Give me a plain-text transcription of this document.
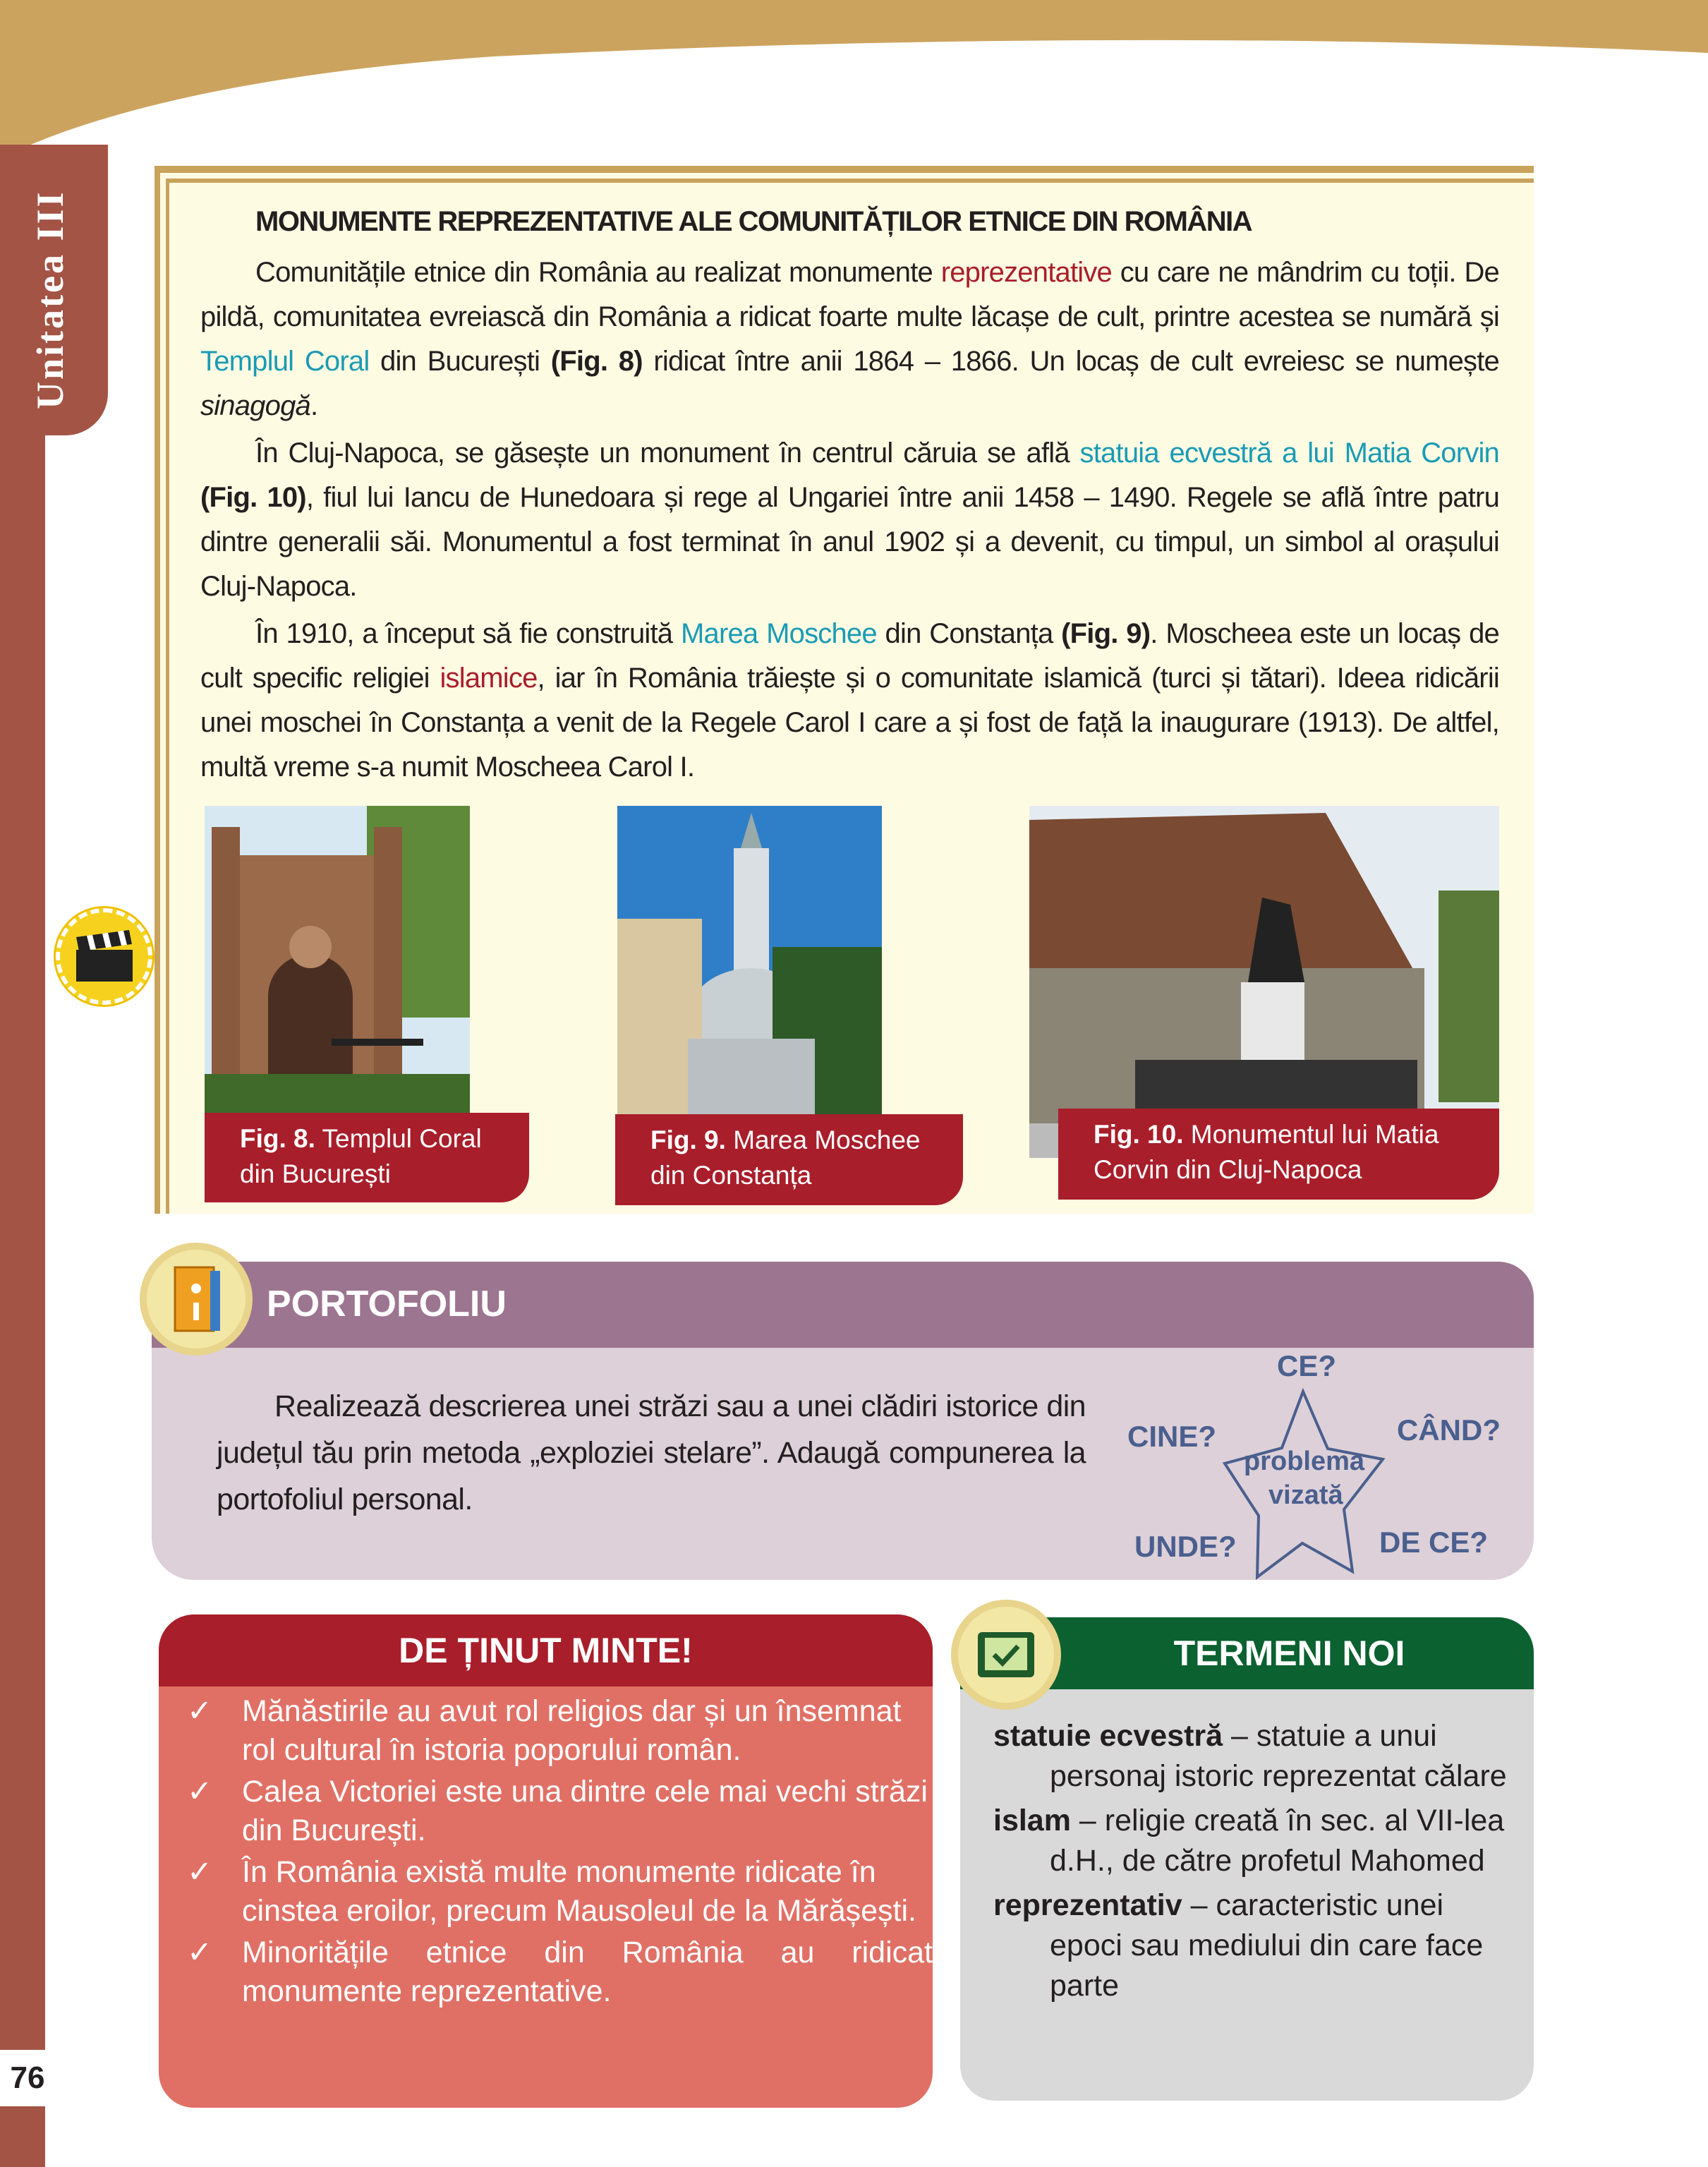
Unitatea III
76
MONUMENTE REPREZENTATIVE ALE COMUNITĂȚILOR ETNICE DIN ROMÂNIA

Comunitățile etnice din România au realizat monumente reprezentative cu care ne mândrim cu toții. De pildă, comunitatea evreiască din România a ridicat foarte multe lăcașe de cult, printre acestea se numără și Templul Coral din București (Fig. 8) ridicat între anii 1864 – 1866. Un locaș de cult evreiesc se numește sinagogă.

În Cluj-Napoca, se găsește un monument în centrul căruia se află statuia ecvestră a lui Matia Corvin (Fig. 10), fiul lui Iancu de Hunedoara și rege al Ungariei între anii 1458 – 1490. Regele se află între patru dintre generalii săi. Monumentul a fost terminat în anul 1902 și a devenit, cu timpul, un simbol al orașului Cluj-Napoca.

În 1910, a început să fie construită Marea Moschee din Constanța (Fig. 9). Moscheea este un locaș de cult specific religiei islamice, iar în România trăiește și o comunitate islamică (turci și tătari). Ideea ridicării unei moschei în Constanța a venit de la Regele Carol I care a și fost de față la inaugurare (1913). De altfel, multă vreme s-a numit Moscheea Carol I.

Fig. 8. Templul Coral
din București
Fig. 9. Marea Moschee
din Constanța
Fig. 10. Monumentul lui Matia
Corvin din Cluj-Napoca
PORTOFOLIU
Realizează descrierea unei străzi sau a unei clădiri istorice din județul tău prin metoda „exploziei stelare”. Adaugă compunerea la portofoliul personal.
CE?
CINE?	CÂND?
UNDE?	DE CE?
problema
vizată
DE ȚINUT MINTE!
✓ Mănăstirile au avut rol religios dar și un însemnat rol cultural în istoria poporului român.
✓ Calea Victoriei este una dintre cele mai vechi străzi din București.
✓ În România există multe monumente ridicate în cinstea eroilor, precum Mausoleul de la Mărășești.
✓ Minoritățile etnice din România au ridicat monumente reprezentative.
TERMENI NOI
statuie ecvestră – statuie a unui personaj istoric reprezentat călare
islam – religie creată în sec. al VII-lea d.H., de către profetul Mahomed
reprezentativ – caracteristic unei epoci sau mediului din care face parte
